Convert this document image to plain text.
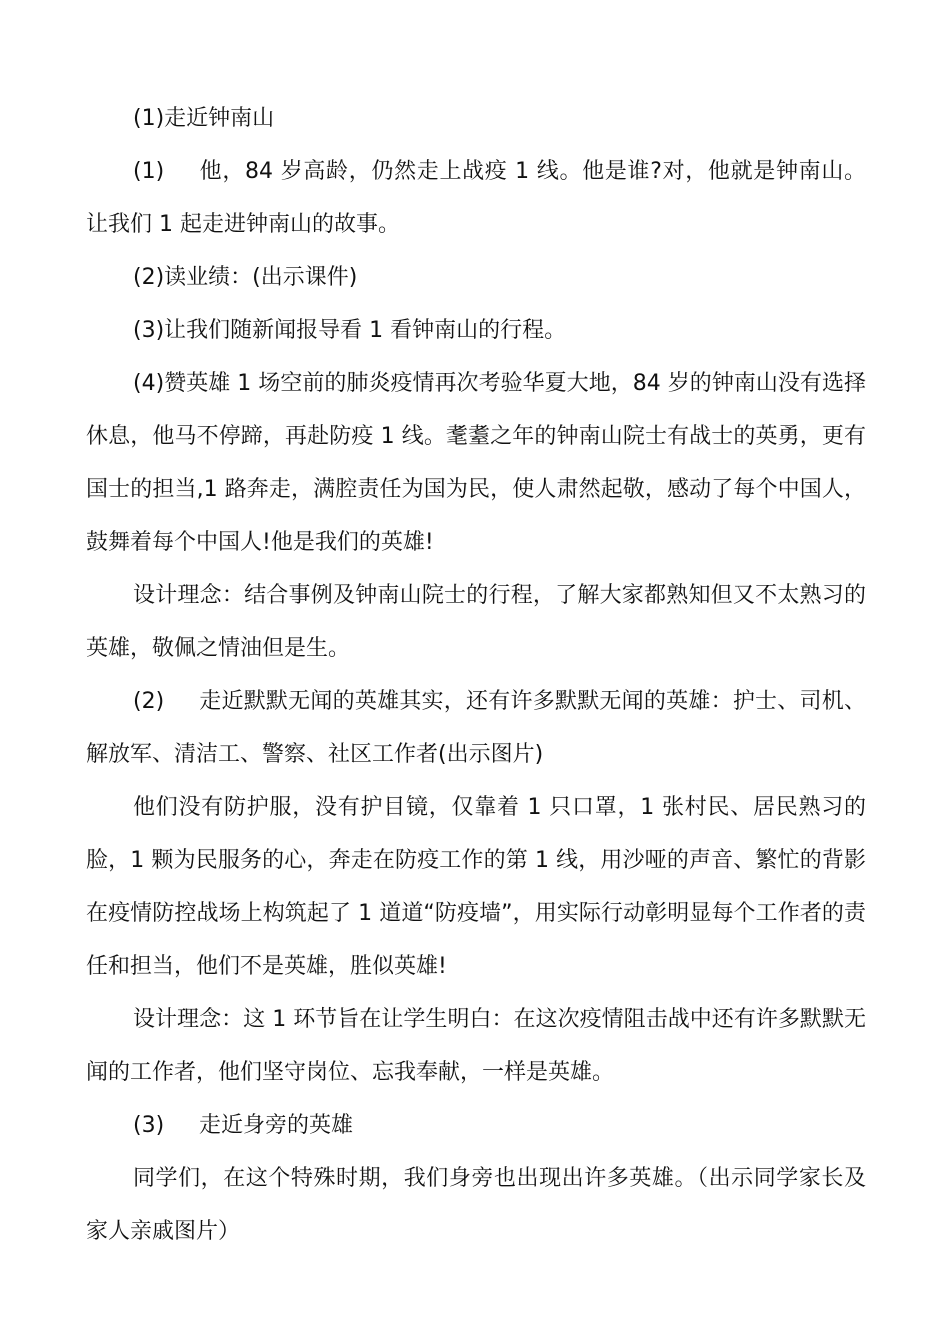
(1)走近钟南山

(1) 他，84 岁高龄，仍然走上战疫 1 线。他是谁?对，他就是钟南山。让我们 1 起走进钟南山的故事。

(2)读业绩：(出示课件)

(3)让我们随新闻报导看 1 看钟南山的行程。

(4)赞英雄 1 场空前的肺炎疫情再次考验华夏大地，84 岁的钟南山没有选择休息，他马不停蹄，再赴防疫 1 线。耄耋之年的钟南山院士有战士的英勇，更有国士的担当,1 路奔走，满腔责任为国为民，使人肃然起敬，感动了每个中国人，鼓舞着每个中国人!他是我们的英雄!

设计理念：结合事例及钟南山院士的行程，了解大家都熟知但又不太熟习的英雄，敬佩之情油但是生。

(2) 走近默默无闻的英雄其实，还有许多默默无闻的英雄：护士、司机、解放军、清洁工、警察、社区工作者(出示图片)

他们没有防护服，没有护目镜，仅靠着 1 只口罩，1 张村民、居民熟习的脸，1 颗为民服务的心，奔走在防疫工作的第 1 线，用沙哑的声音、繁忙的背影在疫情防控战场上构筑起了 1 道道“防疫墙”，用实际行动彰明显每个工作者的责任和担当，他们不是英雄，胜似英雄!

设计理念：这 1 环节旨在让学生明白：在这次疫情阻击战中还有许多默默无闻的工作者，他们坚守岗位、忘我奉献，一样是英雄。

(3) 走近身旁的英雄

同学们，在这个特殊时期，我们身旁也出现出许多英雄。（出示同学家长及家人亲戚图片）
